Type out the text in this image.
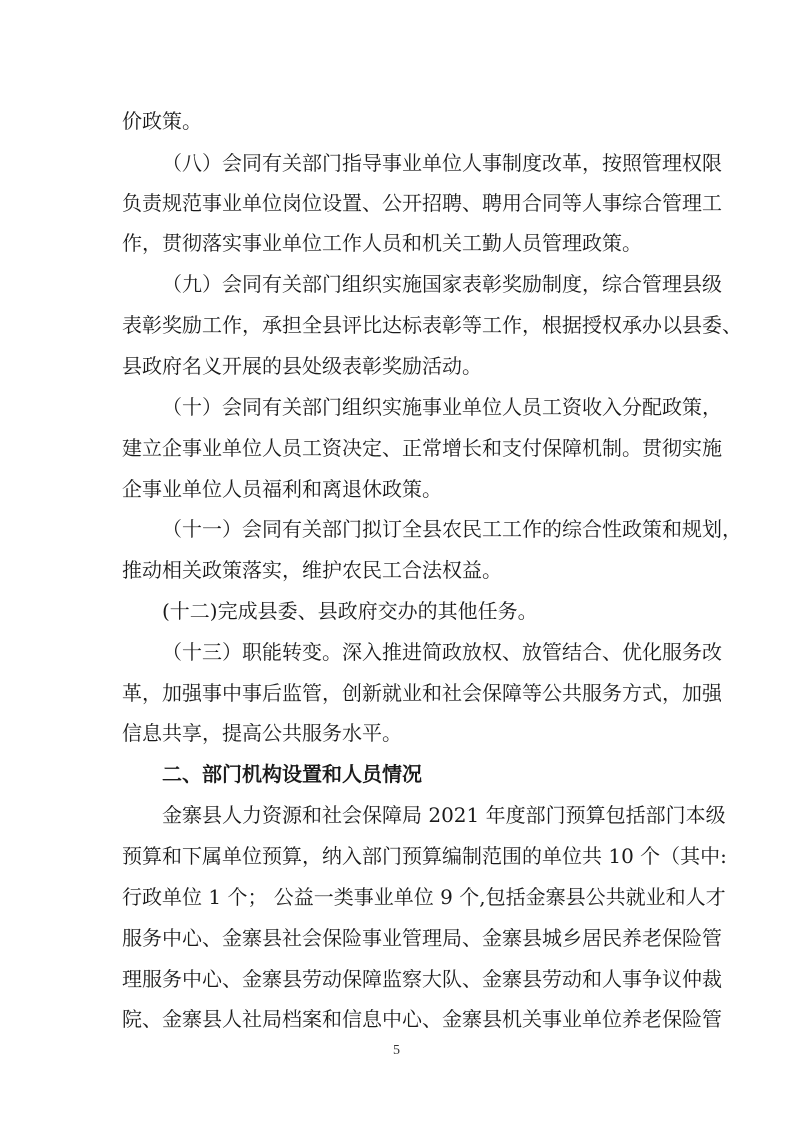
价政策。
（八）会同有关部门指导事业单位人事制度改革，按照管理权限
负责规范事业单位岗位设置、公开招聘、聘用合同等人事综合管理工
作，贯彻落实事业单位工作人员和机关工勤人员管理政策。
（九）会同有关部门组织实施国家表彰奖励制度，综合管理县级
表彰奖励工作，承担全县评比达标表彰等工作，根据授权承办以县委、
县政府名义开展的县处级表彰奖励活动。
（十）会同有关部门组织实施事业单位人员工资收入分配政策，
建立企事业单位人员工资决定、正常增长和支付保障机制。贯彻实施
企事业单位人员福利和离退休政策。
（十一）会同有关部门拟订全县农民工工作的综合性政策和规划，
推动相关政策落实，维护农民工合法权益。
(十二)完成县委、县政府交办的其他任务。
（十三）职能转变。深入推进简政放权、放管结合、优化服务改
革，加强事中事后监管，创新就业和社会保障等公共服务方式，加强
信息共享，提高公共服务水平。
二、部门机构设置和人员情况
金寨县人力资源和社会保障局 2021 年度部门预算包括部门本级
预算和下属单位预算，纳入部门预算编制范围的单位共 10 个（其中:
行政单位 1 个； 公益一类事业单位 9 个,包括金寨县公共就业和人才
服务中心、金寨县社会保险事业管理局、金寨县城乡居民养老保险管
理服务中心、金寨县劳动保障监察大队、金寨县劳动和人事争议仲裁
院、金寨县人社局档案和信息中心、金寨县机关事业单位养老保险管
5
